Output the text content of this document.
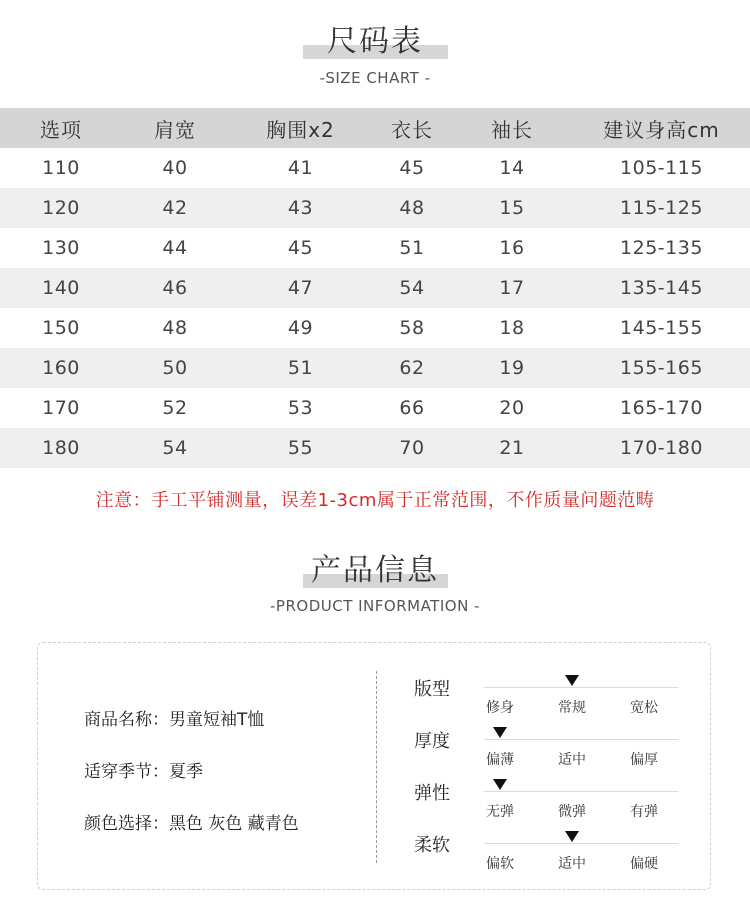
尺码表
-SIZE CHART -
选项	肩宽	胸围x2	衣长	袖长	建议身高cm
110	40	41	45	14	105-115
120	42	43	48	15	115-125
130	44	45	51	16	125-135
140	46	47	54	17	135-145
150	48	49	58	18	145-155
160	50	51	62	19	155-165
170	52	53	66	20	165-170
180	54	55	70	21	170-180
注意：手工平铺测量，误差1-3cm属于正常范围，不作质量问题范畴
产品信息
-PRODUCT INFORMATION -
商品名称：男童短袖T恤
适穿季节：夏季
颜色选择：黑色 灰色 藏青色
版型
修身	常规	宽松
厚度
偏薄	适中	偏厚
弹性
无弹	微弹	有弹
柔软
偏软	适中	偏硬
